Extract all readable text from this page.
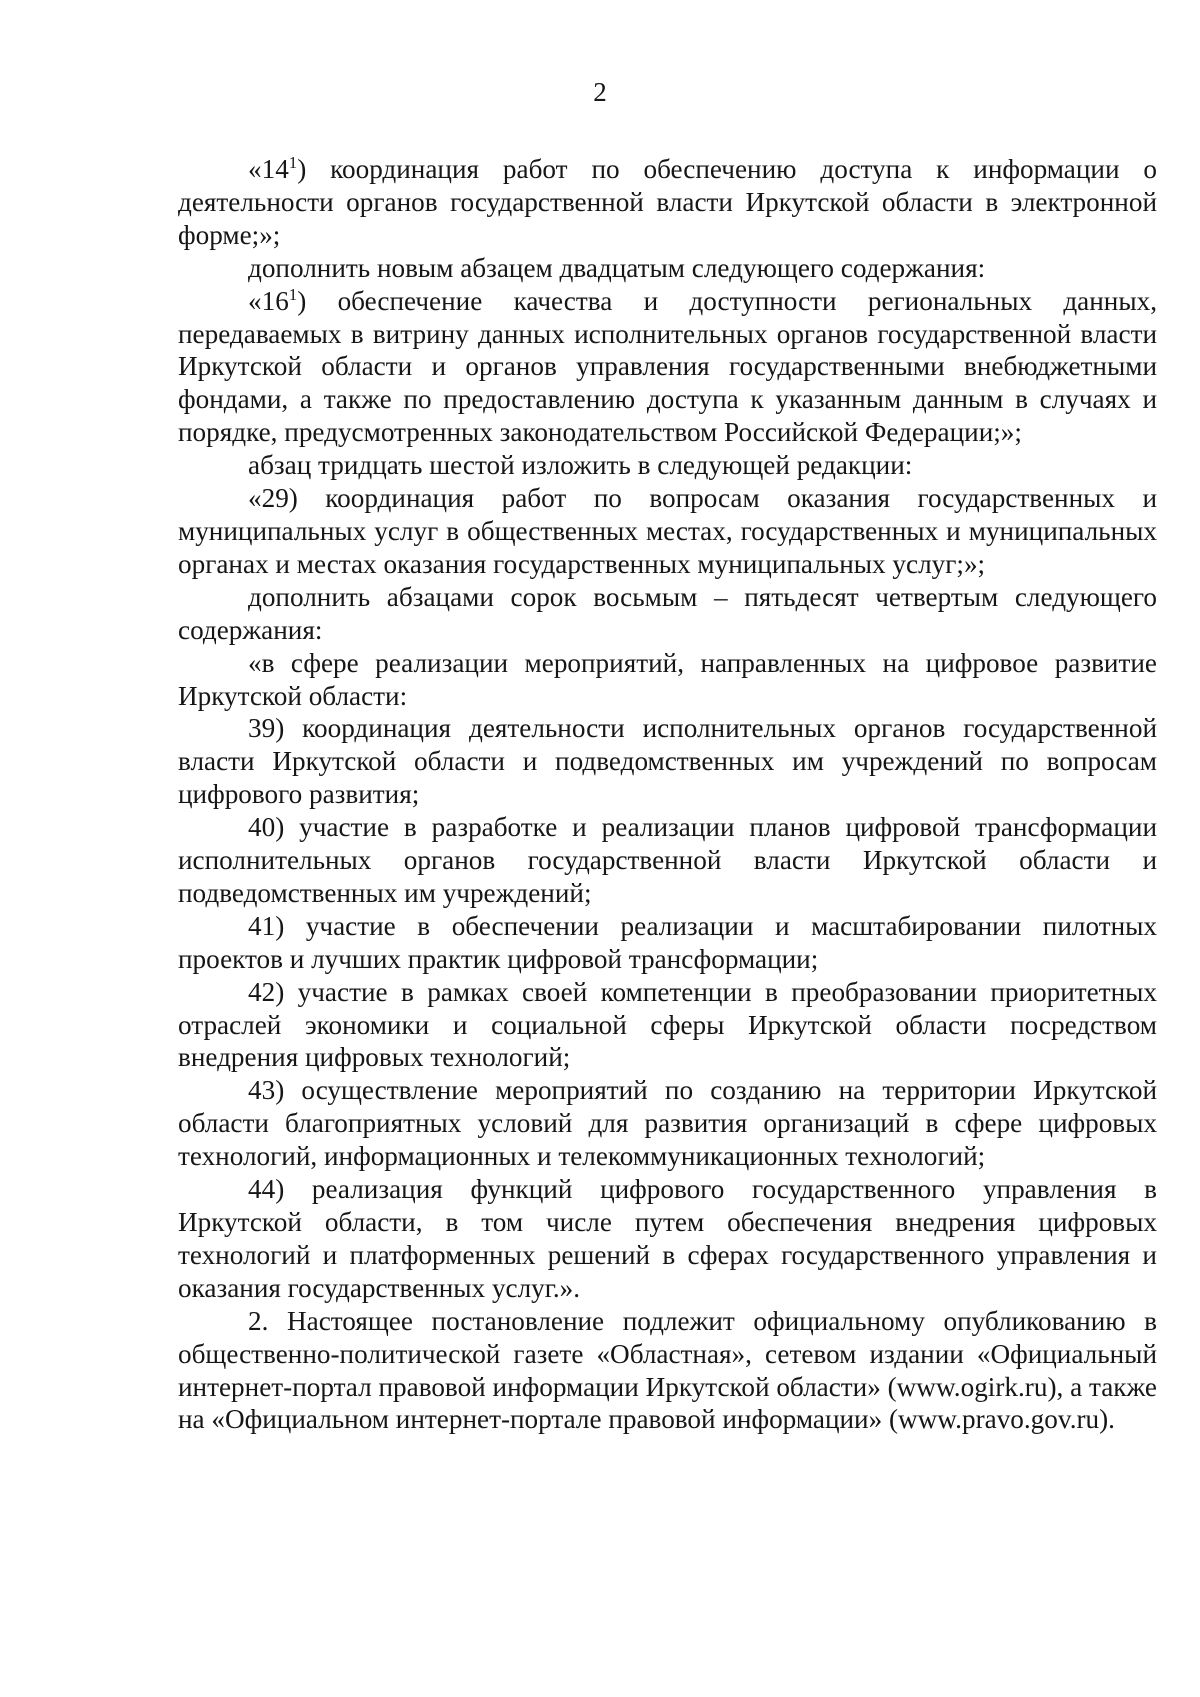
2

«$14^1$) координация работ по обеспечению доступа к информации о деятельности органов государственной власти Иркутской области в электронной форме;»;

дополнить новым абзацем двадцатым следующего содержания:

«$16^1$) обеспечение качества и доступности региональных данных, передаваемых в витрину данных исполнительных органов государственной власти Иркутской области и органов управления государственными внебюджетными фондами, а также по предоставлению доступа к указанным данным в случаях и порядке, предусмотренных законодательством Российской Федерации;»;

абзац тридцать шестой изложить в следующей редакции:

«29) координация работ по вопросам оказания государственных и муниципальных услуг в общественных местах, государственных и муниципальных органах и местах оказания государственных муниципальных услуг;»;

дополнить абзацами сорок восьмым – пятьдесят четвертым следующего содержания:

«в сфере реализации мероприятий, направленных на цифровое развитие Иркутской области:

39) координация деятельности исполнительных органов государственной власти Иркутской области и подведомственных им учреждений по вопросам цифрового развития;

40) участие в разработке и реализации планов цифровой трансформации исполнительных органов государственной власти Иркутской области и подведомственных им учреждений;

41) участие в обеспечении реализации и масштабировании пилотных проектов и лучших практик цифровой трансформации;

42) участие в рамках своей компетенции в преобразовании приоритетных отраслей экономики и социальной сферы Иркутской области посредством внедрения цифровых технологий;

43) осуществление мероприятий по созданию на территории Иркутской области благоприятных условий для развития организаций в сфере цифровых технологий, информационных и телекоммуникационных технологий;

44) реализация функций цифрового государственного управления в Иркутской области, в том числе путем обеспечения внедрения цифровых технологий и платформенных решений в сферах государственного управления и оказания государственных услуг.».

2. Настоящее постановление подлежит официальному опубликованию в общественно-политической газете «Областная», сетевом издании «Официальный интернет-портал правовой информации Иркутской области» (www.ogirk.ru), а также на «Официальном интернет-портале правовой информации» (www.pravo.gov.ru).
